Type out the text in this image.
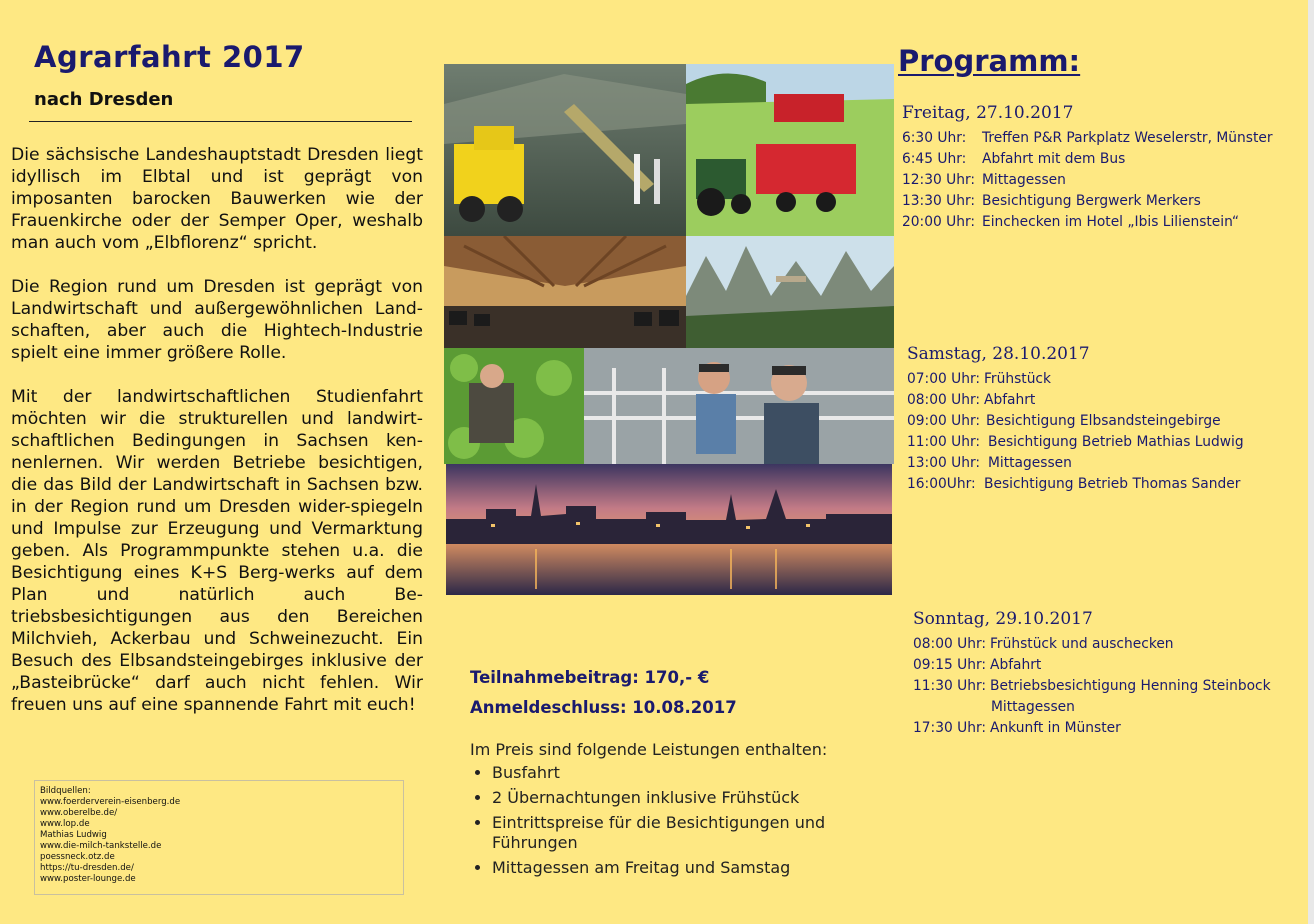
Agrarfahrt 2017
nach Dresden

Die sächsische Landeshauptstadt Dresden liegt idyllisch im Elbtal und ist geprägt von imposanten barocken Bauwerken wie der Frauenkirche oder der Semper Oper, weshalb man auch vom „Elbflorenz“ spricht.

Die Region rund um Dresden ist geprägt von Landwirtschaft und außergewöhnlichen Land-schaften, aber auch die Hightech-Industrie spielt eine immer größere Rolle.

Mit der landwirtschaftlichen Studienfahrt möchten wir die strukturellen und landwirt-schaftlichen Bedingungen in Sachsen ken-nenlernen. Wir werden Betriebe besichtigen, die das Bild der Landwirtschaft in Sachsen bzw. in der Region rund um Dresden wider-spiegeln und Impulse zur Erzeugung und Vermarktung geben. Als Programmpunkte stehen u.a. die Besichtigung eines K+S Berg-werks auf dem Plan und natürlich auch Be-triebsbesichtigungen aus den Bereichen Milchvieh, Ackerbau und Schweinezucht. Ein Besuch des Elbsandsteingebirges inklusive der „Basteibrücke“ darf auch nicht fehlen. Wir freuen uns auf eine spannende Fahrt mit euch!

Bildquellen:
www.foerderverein-eisenberg.de
www.oberelbe.de/
www.lop.de
Mathias Ludwig
www.die-milch-tankstelle.de
poessneck.otz.de
https://tu-dresden.de/
www.poster-lounge.de
Teilnahmebeitrag: 170,- €
Anmeldeschluss: 10.08.2017
Im Preis sind folgende Leistungen enthalten:
• Busfahrt
• 2 Übernachtungen inklusive Frühstück
• Eintrittspreise für die Besichtigungen und Führungen
• Mittagessen am Freitag und Samstag
Programm:
Freitag, 27.10.2017
6:30 Uhr:	Treffen P&R Parkplatz Weselerstr, Münster
6:45 Uhr:	Abfahrt mit dem Bus
12:30 Uhr: Mittagessen
13:30 Uhr: Besichtigung Bergwerk Merkers
20:00 Uhr: Einchecken im Hotel „Ibis Lilienstein“
Samstag, 28.10.2017
07:00 Uhr: Frühstück
08:00 Uhr: Abfahrt
09:00 Uhr: Besichtigung Elbsandsteingebirge
11:00 Uhr: Besichtigung Betrieb Mathias Ludwig
13:00 Uhr: Mittagessen
16:00Uhr: Besichtigung Betrieb Thomas Sander
Sonntag, 29.10.2017
08:00 Uhr: Frühstück und auschecken
09:15 Uhr: Abfahrt
11:30 Uhr: Betriebsbesichtigung Henning Steinbock
Mittagessen
17:30 Uhr: Ankunft in Münster
